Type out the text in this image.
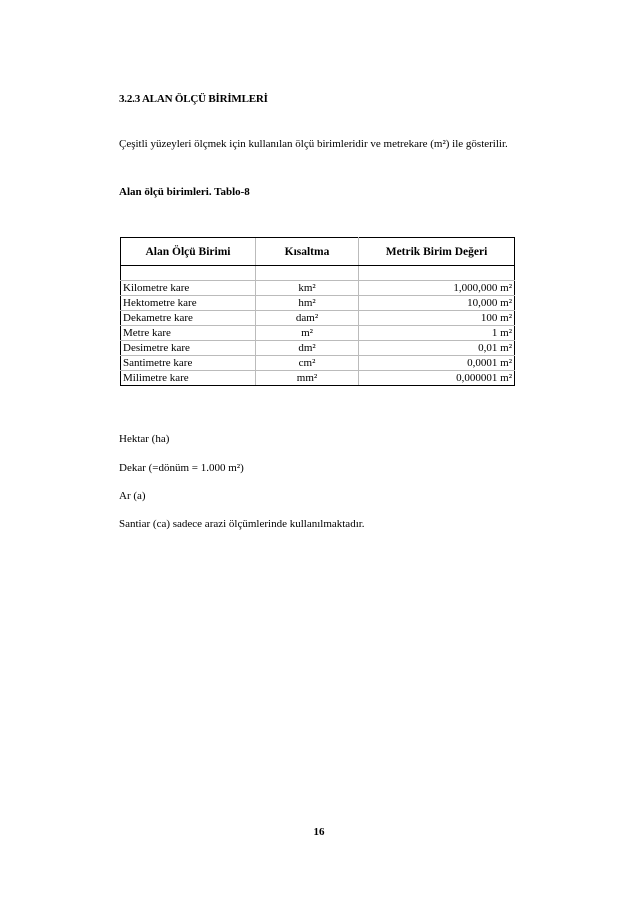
3.2.3 ALAN ÖLÇÜ BİRİMLERİ
Çeşitli yüzeyleri ölçmek için kullanılan ölçü birimleridir ve metrekare (m²) ile gösterilir.
Alan ölçü birimleri. Tablo-8
Alan Ölçü Birimi	Kısaltma	Metrik Birim Değeri

Kilometre kare	km²	1,000,000 m²
Hektometre kare	hm²	10,000 m²
Dekametre kare	dam²	100 m²
Metre kare	m²	1 m²
Desimetre kare	dm²	0,01 m²
Santimetre kare	cm²	0,0001 m²
Milimetre kare	mm²	0,000001 m²
Hektar (ha)
Dekar (=dönüm = 1.000 m²)
Ar (a)
Santiar (ca) sadece arazi ölçümlerinde kullanılmaktadır.
16
